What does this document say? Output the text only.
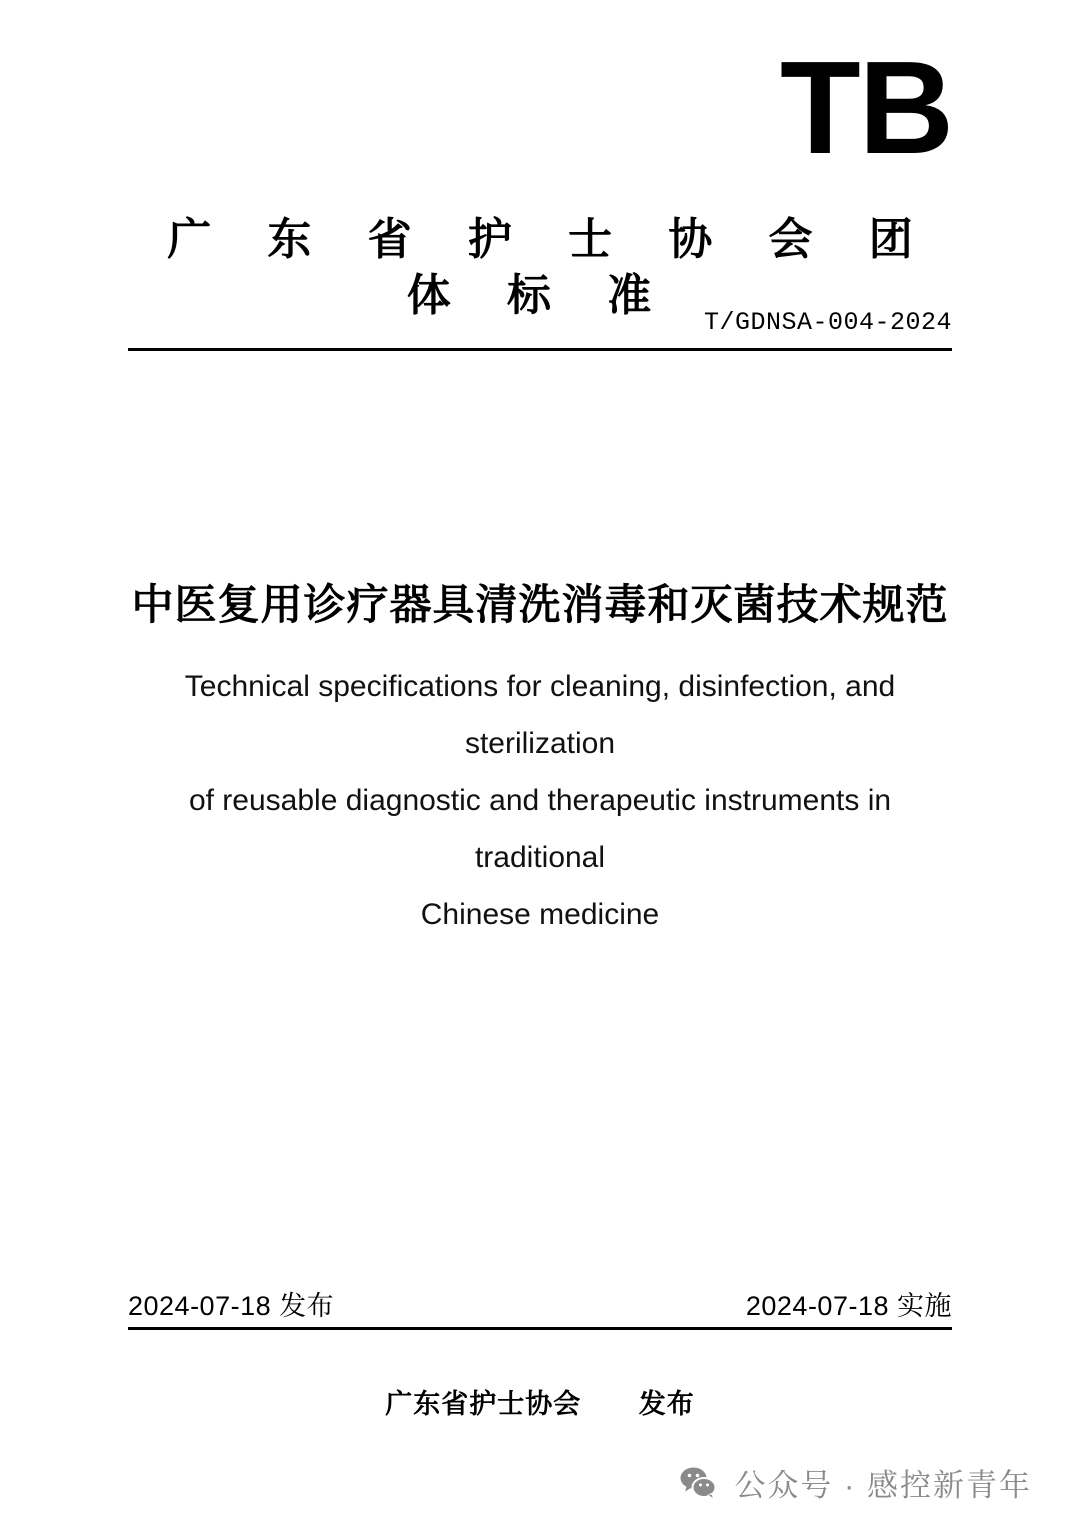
TB
广 东 省 护 士 协 会 团 体 标 准
T/GDNSA-004-2024
中医复用诊疗器具清洗消毒和灭菌技术规范
Technical specifications for cleaning, disinfection, and sterilization
of reusable diagnostic and therapeutic instruments in traditional
Chinese medicine
2024-07-18 发布	2024-07-18 实施
广东省护士协会 发布
公众号 · 感控新青年
